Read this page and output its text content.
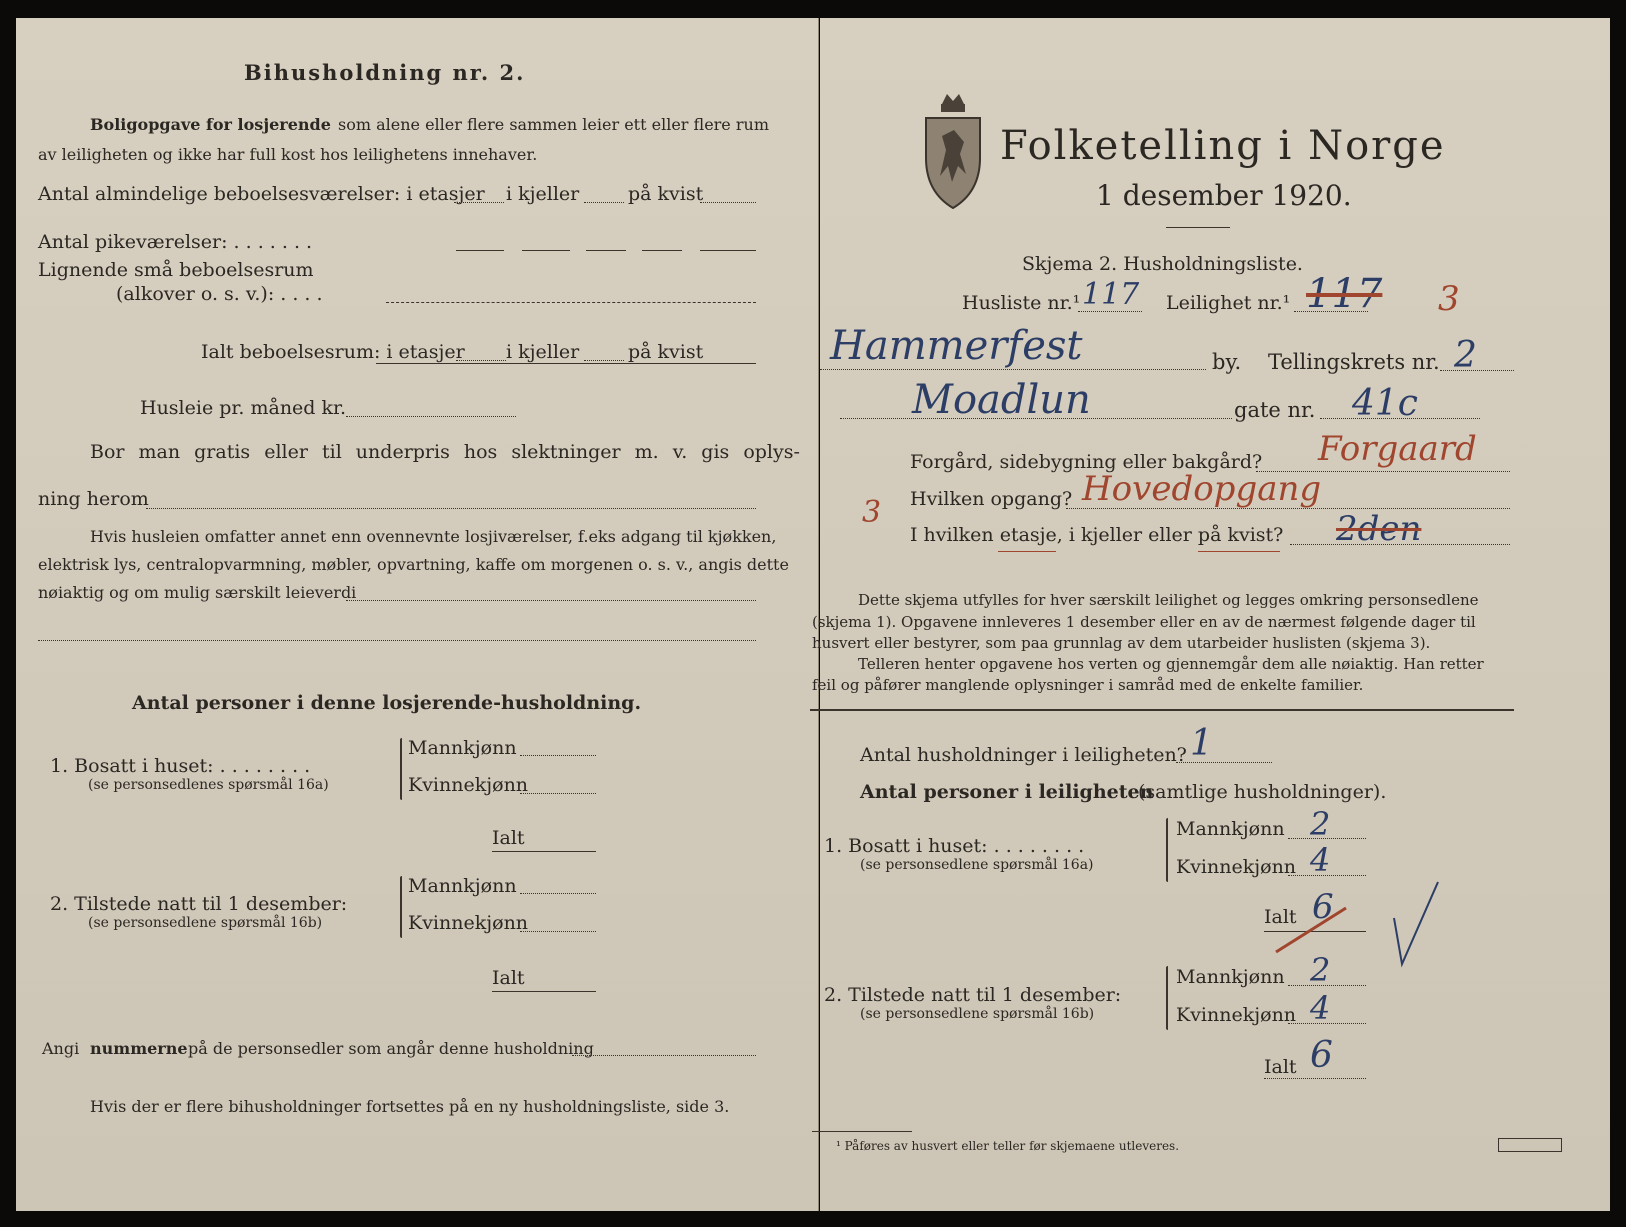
Bihusholdning nr. 2.
Boligopgave for losjerende som alene eller flere sammen leier ett eller flere rum
av leiligheten og ikke har full kost hos leilighetens innehaver.
Antal almindelige beboelsesværelser: i etasjer i kjeller	på kvist
Antal pikeværelser: . . . . . . .
Lignende små beboelsesrum
(alkover o. s. v.): . . . .
Ialt beboelsesrum: i etasjer i kjeller	på kvist
Husleie pr. måned kr.
Bor man gratis eller til underpris hos slektninger m. v. gis oplys-
ning herom
Hvis husleien omfatter annet enn ovennevnte losjiværelser, f.eks adgang til kjøkken,
elektrisk lys, centralopvarmning, møbler, opvartning, kaffe om morgenen o. s. v., angis dette
nøiaktig og om mulig særskilt leieverdi
Antal personer i denne losjerende-husholdning.
1. Bosatt i huset: . . . . . . . .
(se personsedlenes spørsmål 16a)
Mannkjønn
Kvinnekjønn
Ialt
2. Tilstede natt til 1 desember:
(se personsedlene spørsmål 16b)
Mannkjønn
Kvinnekjønn
Ialt
Angi nummerne på de personsedler som angår denne husholdning
Hvis der er flere bihusholdninger fortsettes på en ny husholdningsliste, side 3.
Folketelling i Norge
1 desember 1920.
Skjema 2. Husholdningsliste.
Husliste nr.¹ 117 Leilighet nr.¹ 117 3
Hammerfest	by. Tellingskrets nr. 2
Moadlun	gate nr. 41c
Forgård, sidebygning eller bakgård? Forgaard
3 Hvilken opgang? Hovedopgang
I hvilken etasje, i kjeller eller på kvist? 2den
Dette skjema utfylles for hver særskilt leilighet og legges omkring personsedlene
(skjema 1). Opgavene innleveres 1 desember eller en av de nærmest følgende dager til
husvert eller bestyrer, som paa grunnlag av dem utarbeider huslisten (skjema 3).
Telleren henter opgavene hos verten og gjennemgår dem alle nøiaktig. Han retter
feil og påfører manglende oplysninger i samråd med de enkelte familier.
Antal husholdninger i leiligheten? 1
Antal personer i leiligheten
(samtlige husholdninger).
1. Bosatt i huset: . . . . . . . .
(se personsedlene spørsmål 16a)
Mannkjønn 2
Kvinnekjønn 4
Ialt 6
2. Tilstede natt til 1 desember:
(se personsedlene spørsmål 16b)
Mannkjønn 2
Kvinnekjønn 4
Ialt 6
¹ Påføres av husvert eller teller før skjemaene utleveres.
